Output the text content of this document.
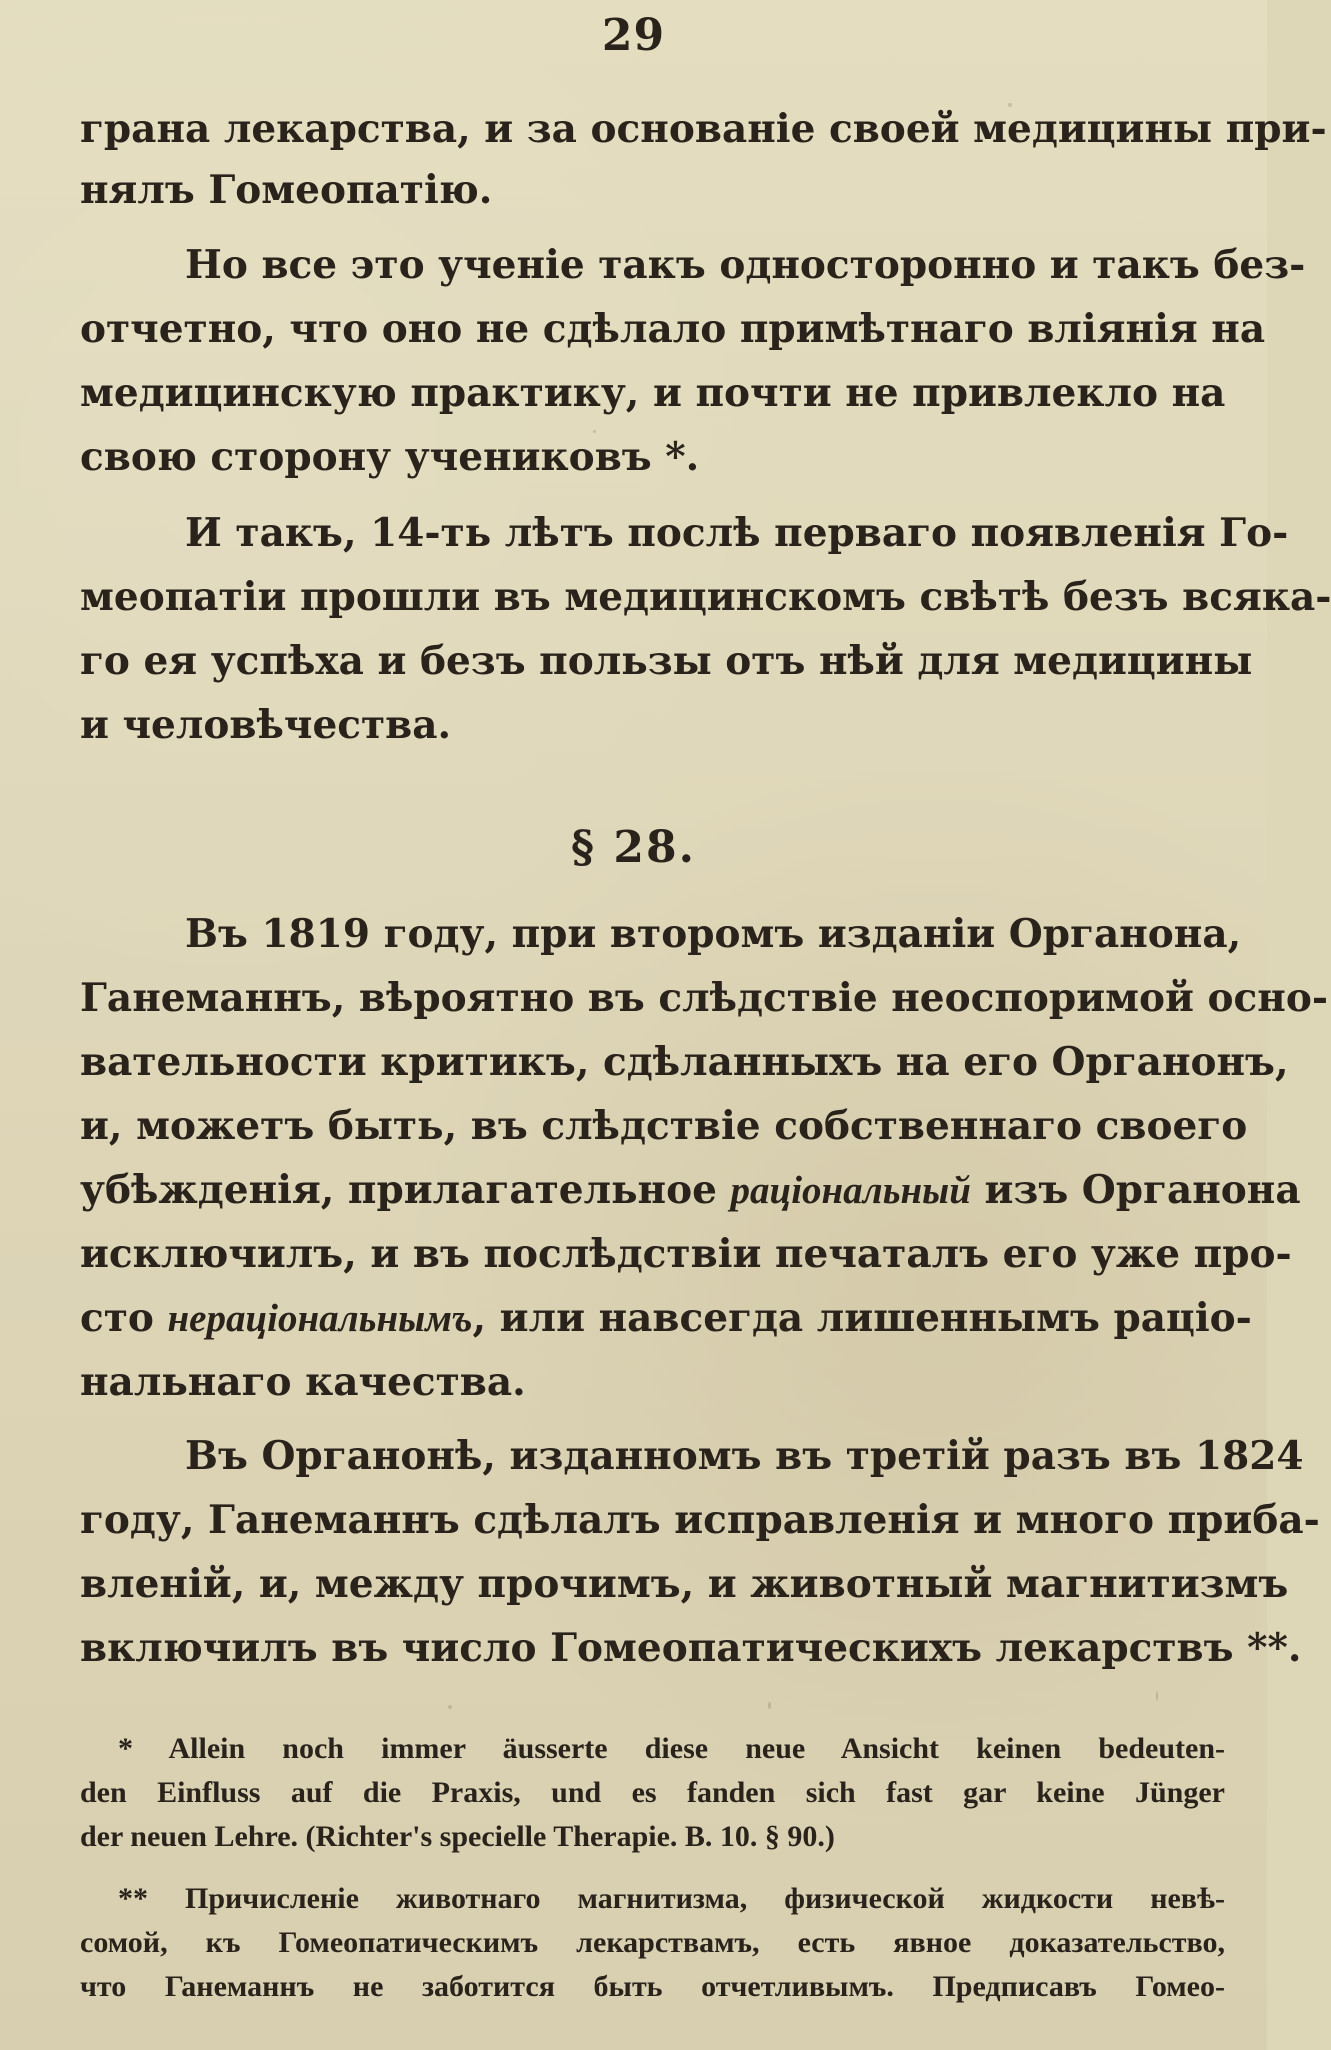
29
грана лекарства, и за основаніе своей медицины при-
нялъ Гомеопатію.
Но все это ученіе такъ односторонно и такъ без-
отчетно, что оно не сдѣлало примѣтнаго вліянія на
медицинскую практику, и почти не привлекло на
свою сторону учениковъ *.
И такъ, 14-ть лѣтъ послѣ перваго появленія Го-
меопатіи прошли въ медицинскомъ свѣтѣ безъ всяка-
го ея успѣха и безъ пользы отъ нѣй для медицины
и человѣчества.
§ 28.
Въ 1819 году, при второмъ изданіи Органона,
Ганеманнъ, вѣроятно въ слѣдствіе неоспоримой осно-
вательности критикъ, сдѣланныхъ на его Органонъ,
и, можетъ быть, въ слѣдствіе собственнаго своего
убѣжденія, прилагательное раціональный изъ Органона
исключилъ, и въ послѣдствіи печаталъ его уже про-
сто нераціональнымъ, или навсегда лишеннымъ раціо-
нальнаго качества.
Въ Органонѣ, изданномъ въ третій разъ въ 1824
году, Ганеманнъ сдѣлалъ исправленія и много приба-
вленій, и, между прочимъ, и животный магнитизмъ
включилъ въ число Гомеопатическихъ лекарствъ **.
* Allein noch immer äusserte diese neue Ansicht keinen bedeuten-
den Einfluss auf die Praxis, und es fanden sich fast gar keine Jünger
der neuen Lehre. (Richter's specielle Therapie. B. 10. § 90.)
** Причисленіе животнаго магнитизма, физической жидкости невѣ-
сомой, къ Гомеопатическимъ лекарствамъ, есть явное доказательство,
что Ганеманнъ не заботится быть отчетливымъ. Предписавъ Гомео-
